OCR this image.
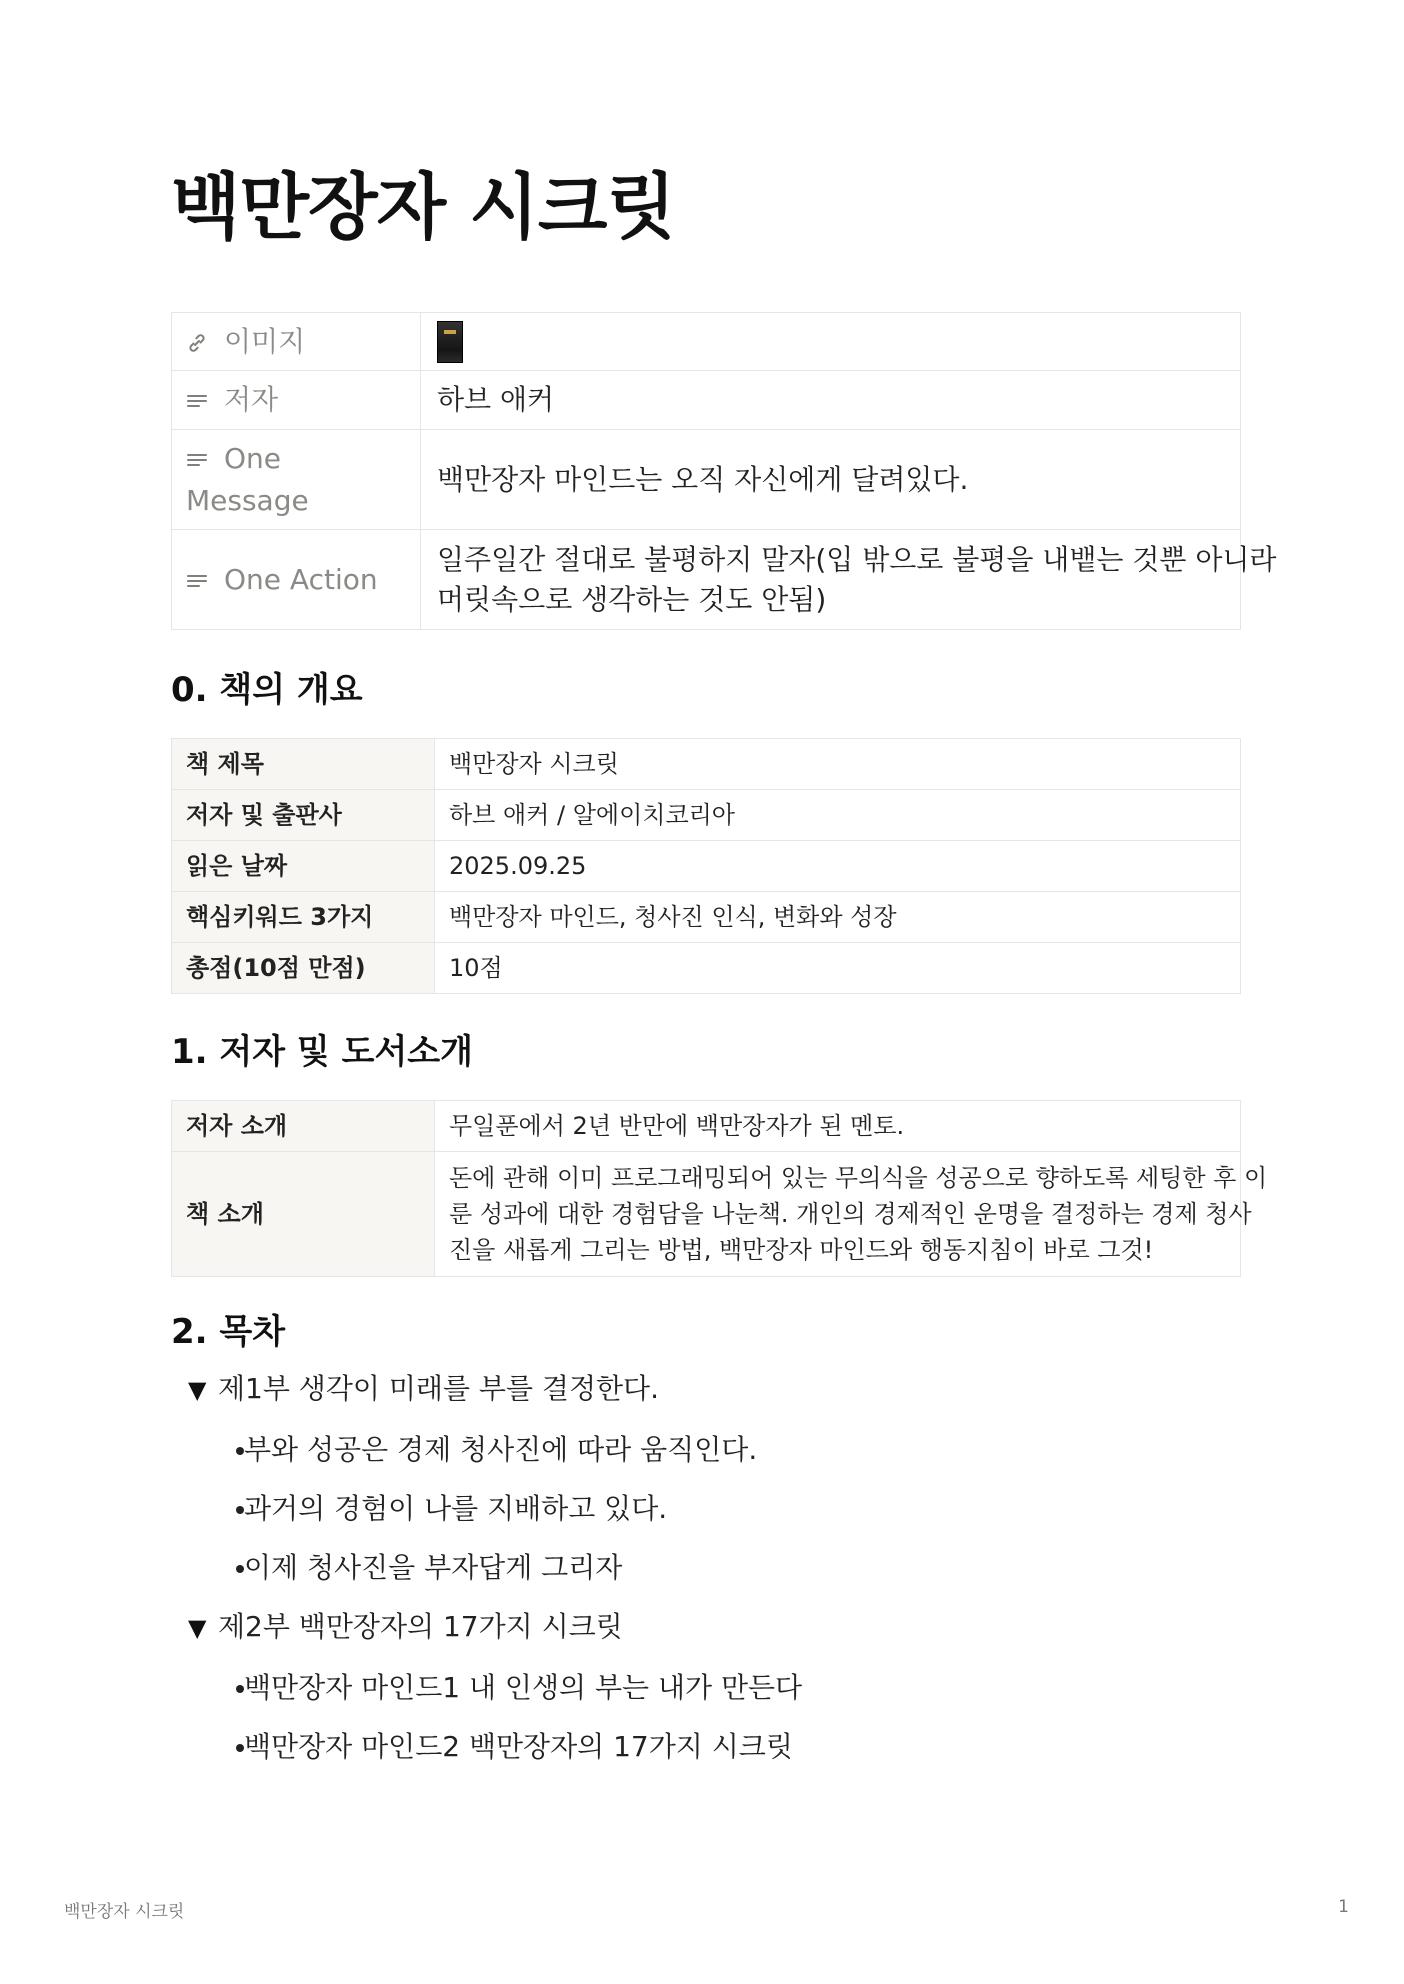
백만장자 시크릿
이미지	

저자	하브 애커

One
Message	백만장자 마인드는 오직 자신에게 달려있다.

One Action	일주일간 절대로 불평하지 말자(입 밖으로 불평을 내뱉는 것뿐 아니라
머릿속으로 생각하는 것도 안됨)
0. 책의 개요
책 제목	백만장자 시크릿
저자 및 출판사	하브 애커 / 알에이치코리아
읽은 날짜	2025.09.25
핵심키워드 3가지	백만장자 마인드, 청사진 인식, 변화와 성장
총점(10점 만점)	10점
1. 저자 및 도서소개
저자 소개	무일푼에서 2년 반만에 백만장자가 된 멘토.
책 소개	돈에 관해 이미 프로그래밍되어 있는 무의식을 성공으로 향하도록 세팅한 후 이
룬 성과에 대한 경험담을 나눈책. 개인의 경제적인 운명을 결정하는 경제 청사
진을 새롭게 그리는 방법, 백만장자 마인드와 행동지침이 바로 그것!
2. 목차
▼ 제1부 생각이 미래를 부를 결정한다.
부와 성공은 경제 청사진에 따라 움직인다.
과거의 경험이 나를 지배하고 있다.
이제 청사진을 부자답게 그리자
▼ 제2부 백만장자의 17가지 시크릿
백만장자 마인드1 내 인생의 부는 내가 만든다
백만장자 마인드2 백만장자의 17가지 시크릿
백만장자 시크릿	1
